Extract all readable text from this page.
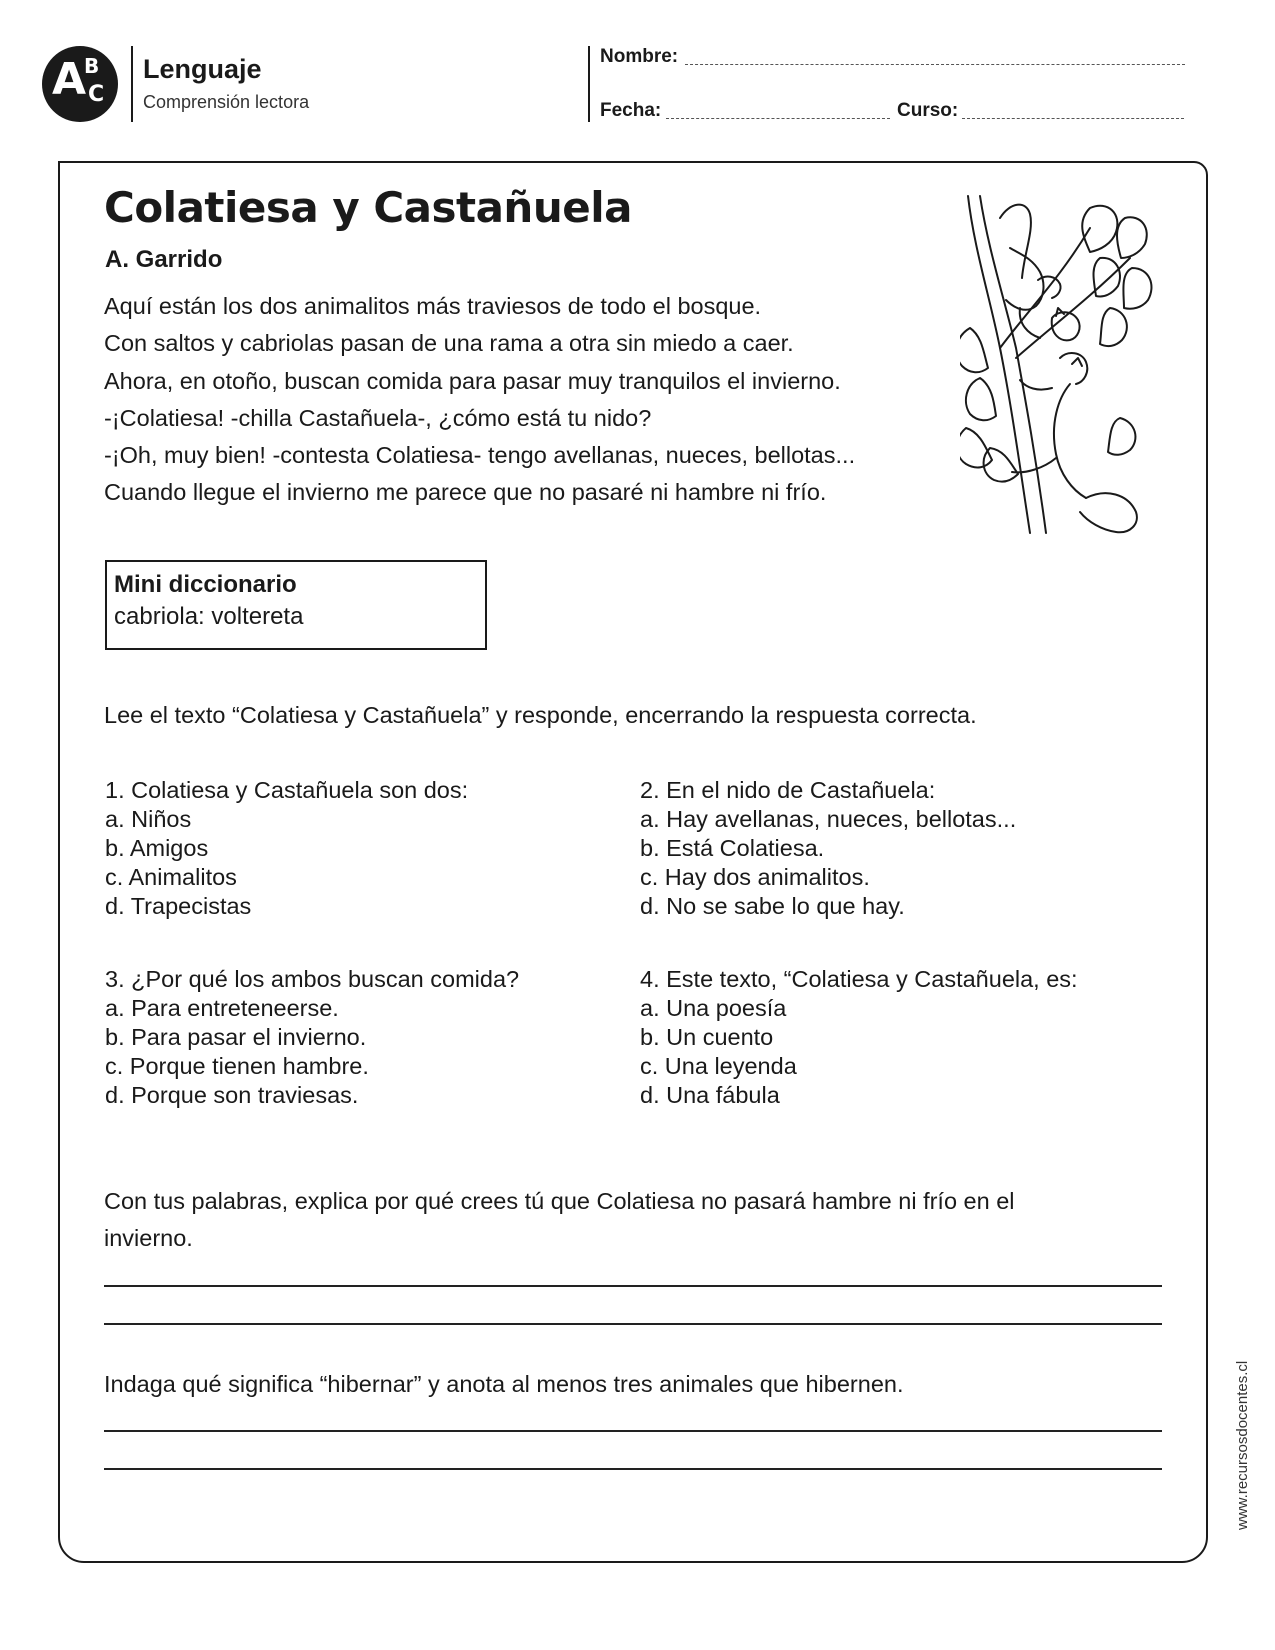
A
B
C
Lenguaje
Comprensión lectora
Nombre:
Fecha:	Curso:
Colatiesa y Castañuela
A. Garrido
Aquí están los dos animalitos más traviesos de todo el bosque.
Con saltos y cabriolas pasan de una rama a otra sin miedo a caer.
Ahora, en otoño, buscan comida para pasar muy tranquilos el invierno.
-¡Colatiesa! -chilla Castañuela-, ¿cómo está tu nido?
-¡Oh, muy bien! -contesta Colatiesa- tengo avellanas, nueces, bellotas...
Cuando llegue el invierno me parece que no pasaré ni hambre ni frío.
Mini diccionario
cabriola: voltereta
Lee el texto “Colatiesa y Castañuela” y responde, encerrando la respuesta correcta.
1. Colatiesa y Castañuela son dos:
a. Niños
b. Amigos
c. Animalitos
d. Trapecistas
2. En el nido de Castañuela:
a. Hay avellanas, nueces, bellotas...
b. Está Colatiesa.
c. Hay dos animalitos.
d. No se sabe lo que hay.
3. ¿Por qué los ambos buscan comida?
a. Para entreteneerse.
b. Para pasar el invierno.
c. Porque tienen hambre.
d. Porque son traviesas.
4. Este texto, “Colatiesa y Castañuela, es:
a. Una poesía
b. Un cuento
c. Una leyenda
d. Una fábula
Con tus palabras, explica por qué crees tú que Colatiesa no pasará hambre ni frío en el
invierno.
Indaga qué significa “hibernar” y anota al menos tres animales que hibernen.	www.recursosdocentes.cl
